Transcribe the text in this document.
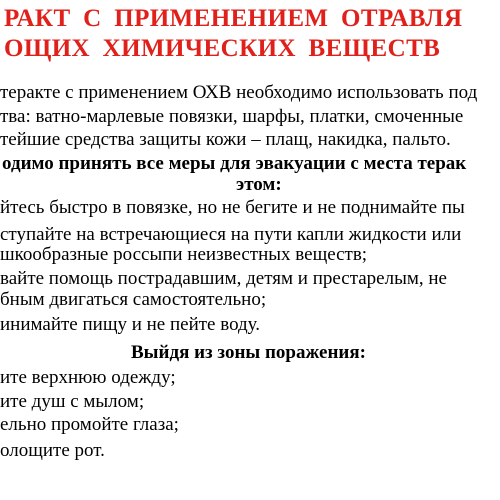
РАКТ С ПРИМЕНЕНИЕМ ОТРАВЛЯ
ОЩИХ ХИМИЧЕСКИХ ВЕЩЕСТВ
теракте с применением ОХВ необходимо использовать под
тва: ватно-марлевые повязки, шарфы, платки, смоченные
тейшие средства защиты кожи – плащ, накидка, пальто.
одимо принять все меры для эвакуации с места терак
этом:
йтесь быстро в повязке, но не бегите и не поднимайте пы
ступайте на встречающиеся на пути капли жидкости или
шкообразные россыпи неизвестных веществ;
вайте помощь пострадавшим, детям и престарелым, не
бным двигаться самостоятельно;
инимайте пищу и не пейте воду.
Выйдя из зоны поражения:
ите верхнюю одежду;
ите душ с мылом;
ельно промойте глаза;
олощите рот.
